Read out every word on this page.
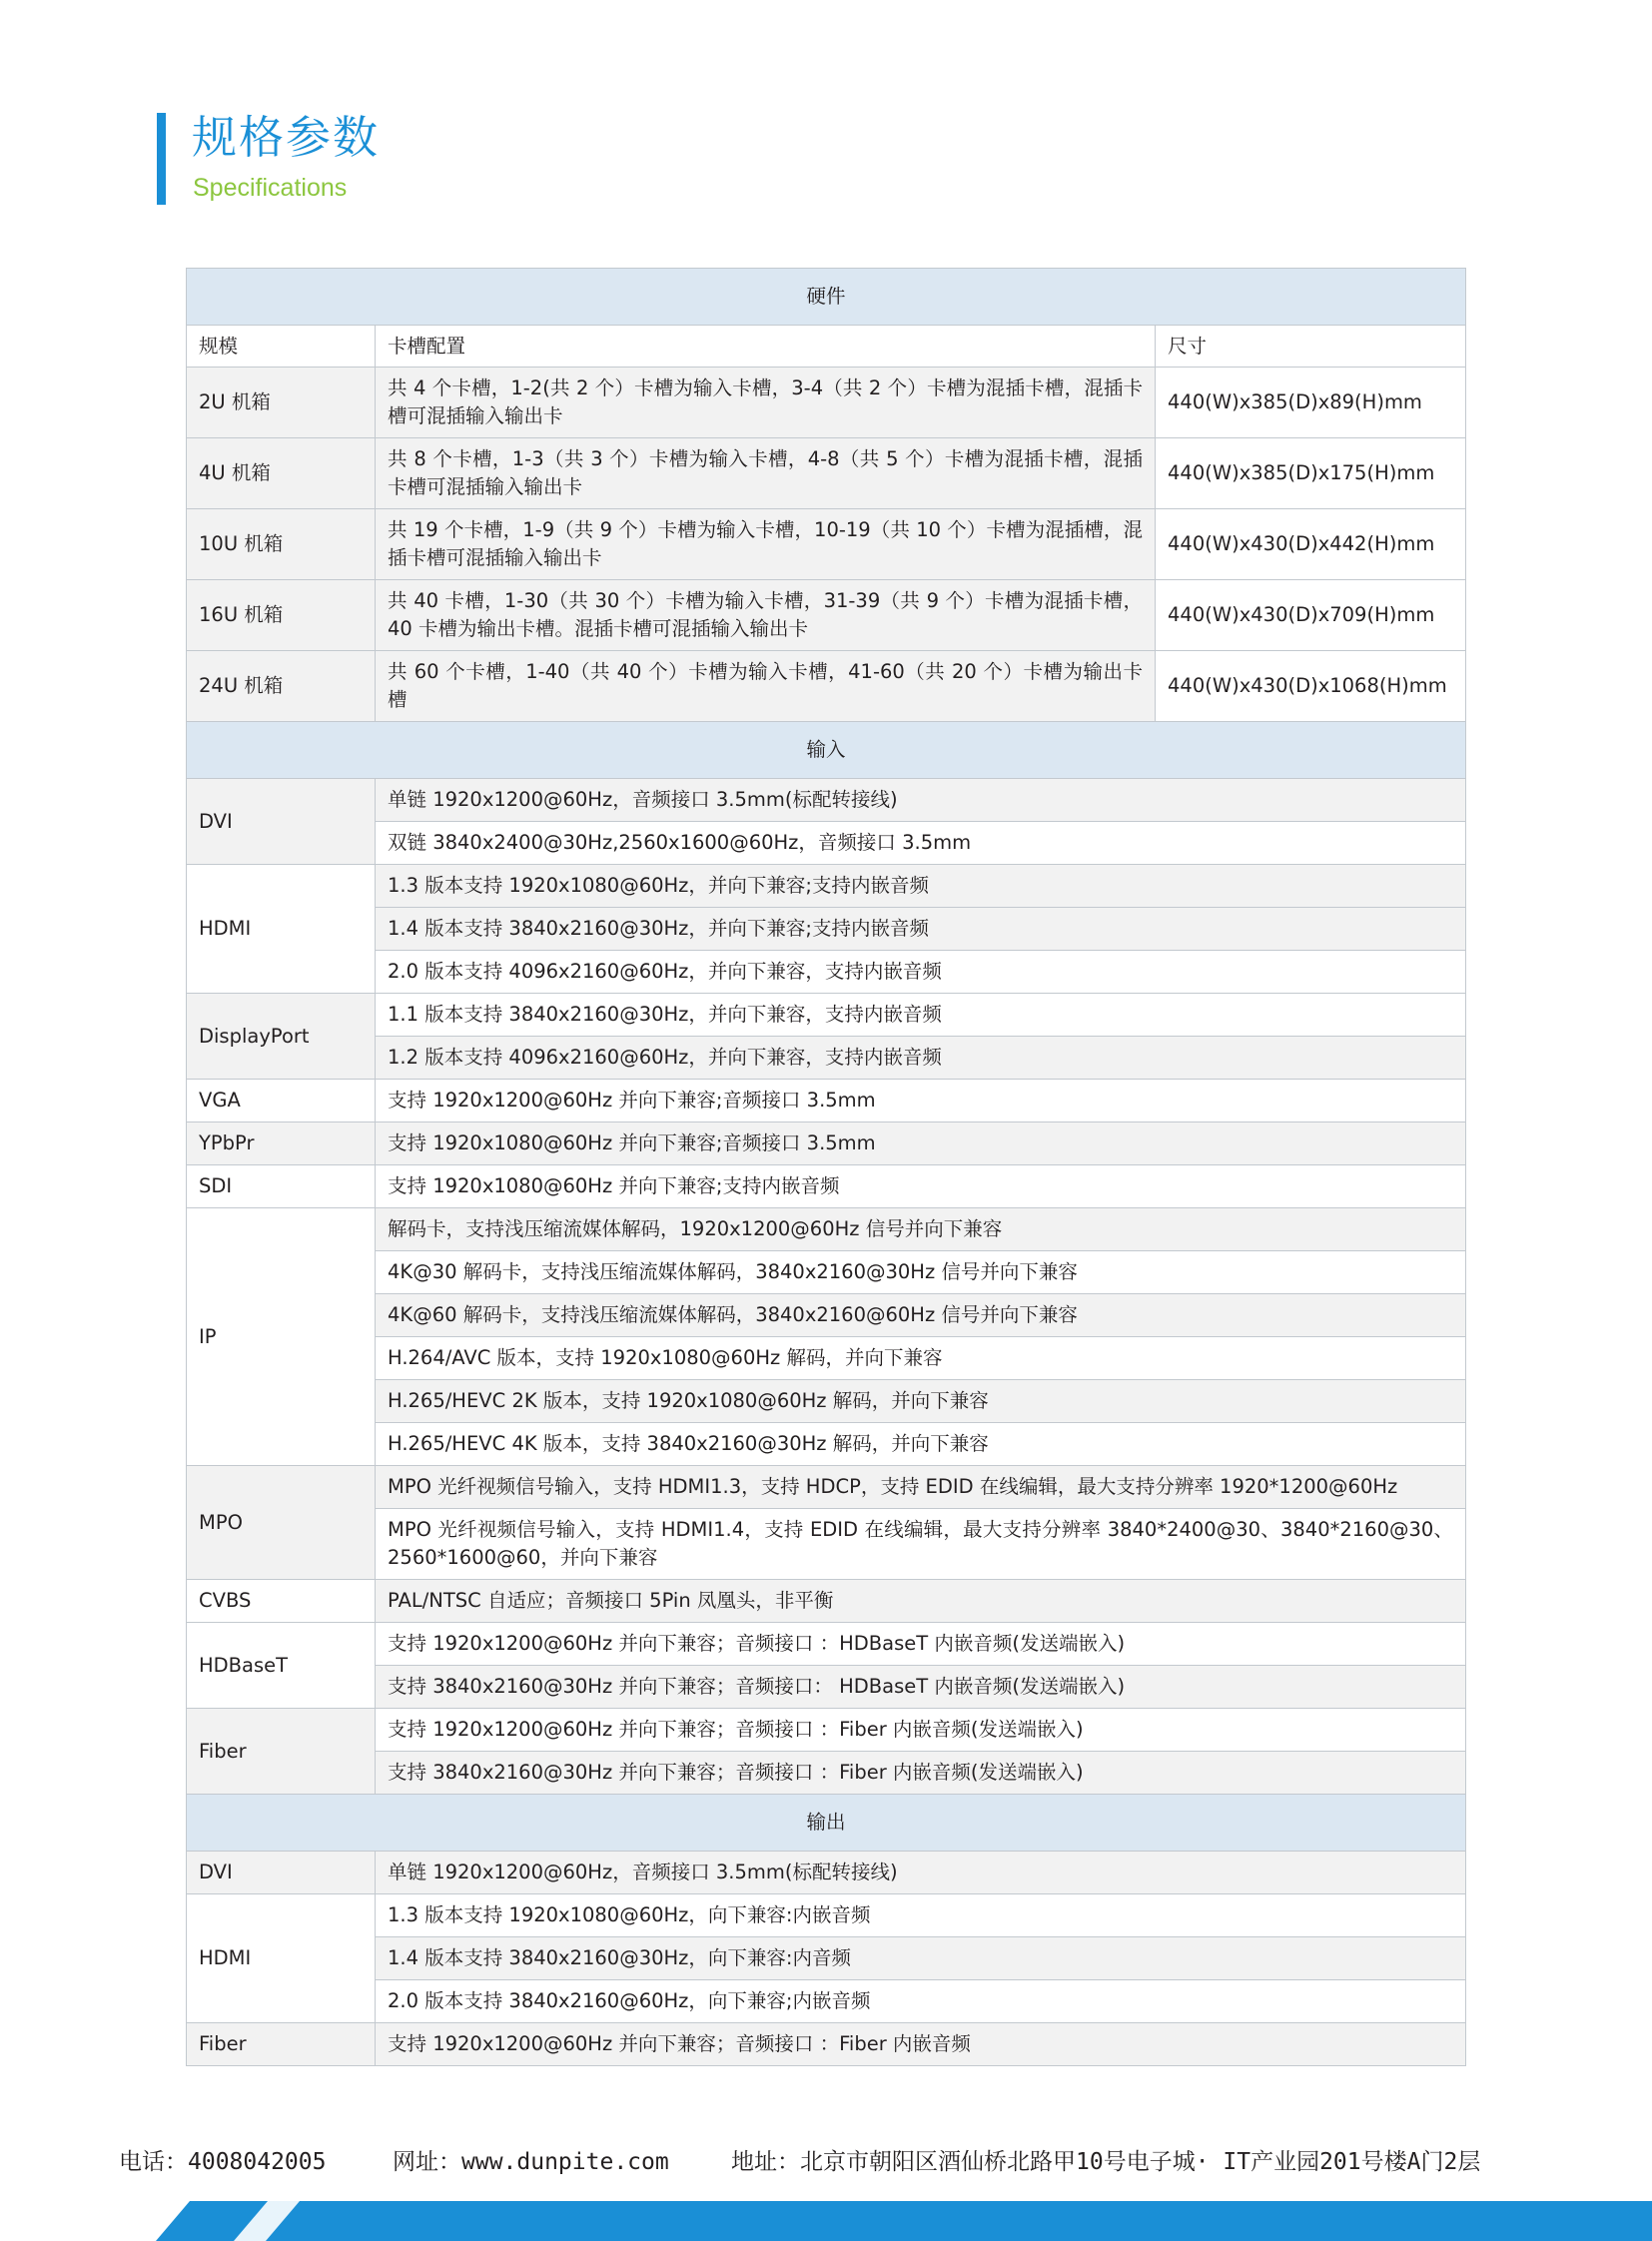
规格参数
Specifications
硬件		
规模	卡槽配置	尺寸
2U 机箱	共 4 个卡槽，1-2(共 2 个）卡槽为输入卡槽，3-4（共 2 个）卡槽为混插卡槽，混插卡槽可混插输入输出卡	440(W)x385(D)x89(H)mm
4U 机箱	共 8 个卡槽，1-3（共 3 个）卡槽为输入卡槽，4-8（共 5 个）卡槽为混插卡槽，混插卡槽可混插输入输出卡	440(W)x385(D)x175(H)mm
10U 机箱	共 19 个卡槽，1-9（共 9 个）卡槽为输入卡槽，10-19（共 10 个）卡槽为混插槽，混插卡槽可混插输入输出卡	440(W)x430(D)x442(H)mm
16U 机箱	共 40 卡槽，1-30（共 30 个）卡槽为输入卡槽，31-39（共 9 个）卡槽为混插卡槽，40 卡槽为输出卡槽。混插卡槽可混插输入输出卡	440(W)x430(D)x709(H)mm
24U 机箱	共 60 个卡槽，1-40（共 40 个）卡槽为输入卡槽，41-60（共 20 个）卡槽为输出卡槽	440(W)x430(D)x1068(H)mm
输入		
DVI	单链 1920x1200@60Hz，音频接口 3.5mm(标配转接线)	
	双链 3840x2400@30Hz,2560x1600@60Hz，音频接口 3.5mm	
HDMI	1.3 版本支持 1920x1080@60Hz，并向下兼容;支持内嵌音频	
	1.4 版本支持 3840x2160@30Hz，并向下兼容;支持内嵌音频	
	2.0 版本支持 4096x2160@60Hz，并向下兼容，支持内嵌音频	
DisplayPort	1.1 版本支持 3840x2160@30Hz，并向下兼容，支持内嵌音频	
	1.2 版本支持 4096x2160@60Hz，并向下兼容，支持内嵌音频	
VGA	支持 1920x1200@60Hz 并向下兼容;音频接口 3.5mm	
YPbPr	支持 1920x1080@60Hz 并向下兼容;音频接口 3.5mm	
SDI	支持 1920x1080@60Hz 并向下兼容;支持内嵌音频	
IP	解码卡，支持浅压缩流媒体解码，1920x1200@60Hz 信号并向下兼容	
	4K@30 解码卡，支持浅压缩流媒体解码，3840x2160@30Hz 信号并向下兼容	
	4K@60 解码卡，支持浅压缩流媒体解码，3840x2160@60Hz 信号并向下兼容	
	H.264/AVC 版本，支持 1920x1080@60Hz 解码，并向下兼容	
	H.265/HEVC 2K 版本，支持 1920x1080@60Hz 解码，并向下兼容	
	H.265/HEVC 4K 版本，支持 3840x2160@30Hz 解码，并向下兼容	
MPO	MPO 光纤视频信号输入，支持 HDMI1.3，支持 HDCP，支持 EDID 在线编辑，最大支持分辨率 1920*1200@60Hz	
	MPO 光纤视频信号输入，支持 HDMI1.4，支持 EDID 在线编辑，最大支持分辨率 3840*2400@30、3840*2160@30、 2560*1600@60，并向下兼容	
CVBS	PAL/NTSC 自适应；音频接口 5Pin 凤凰头，非平衡	
HDBaseT	支持 1920x1200@60Hz 并向下兼容；音频接口 ：HDBaseT 内嵌音频(发送端嵌入)	
	支持 3840x2160@30Hz 并向下兼容；音频接口： HDBaseT 内嵌音频(发送端嵌入)	
Fiber	支持 1920x1200@60Hz 并向下兼容；音频接口 ：Fiber 内嵌音频(发送端嵌入)	
	支持 3840x2160@30Hz 并向下兼容；音频接口 ：Fiber 内嵌音频(发送端嵌入)	
输出		
DVI	单链 1920x1200@60Hz，音频接口 3.5mm(标配转接线)	
HDMI	1.3 版本支持 1920x1080@60Hz，向下兼容:内嵌音频	
	1.4 版本支持 3840x2160@30Hz，向下兼容:内音频	
	2.0 版本支持 3840x2160@60Hz，向下兼容;内嵌音频	
Fiber	支持 1920x1200@60Hz 并向下兼容；音频接口 ：Fiber 内嵌音频	
电话：4008042005	网址：www.dunpite.com	地址：北京市朝阳区酒仙桥北路甲10号电子城· IT产业园201号楼A门2层
